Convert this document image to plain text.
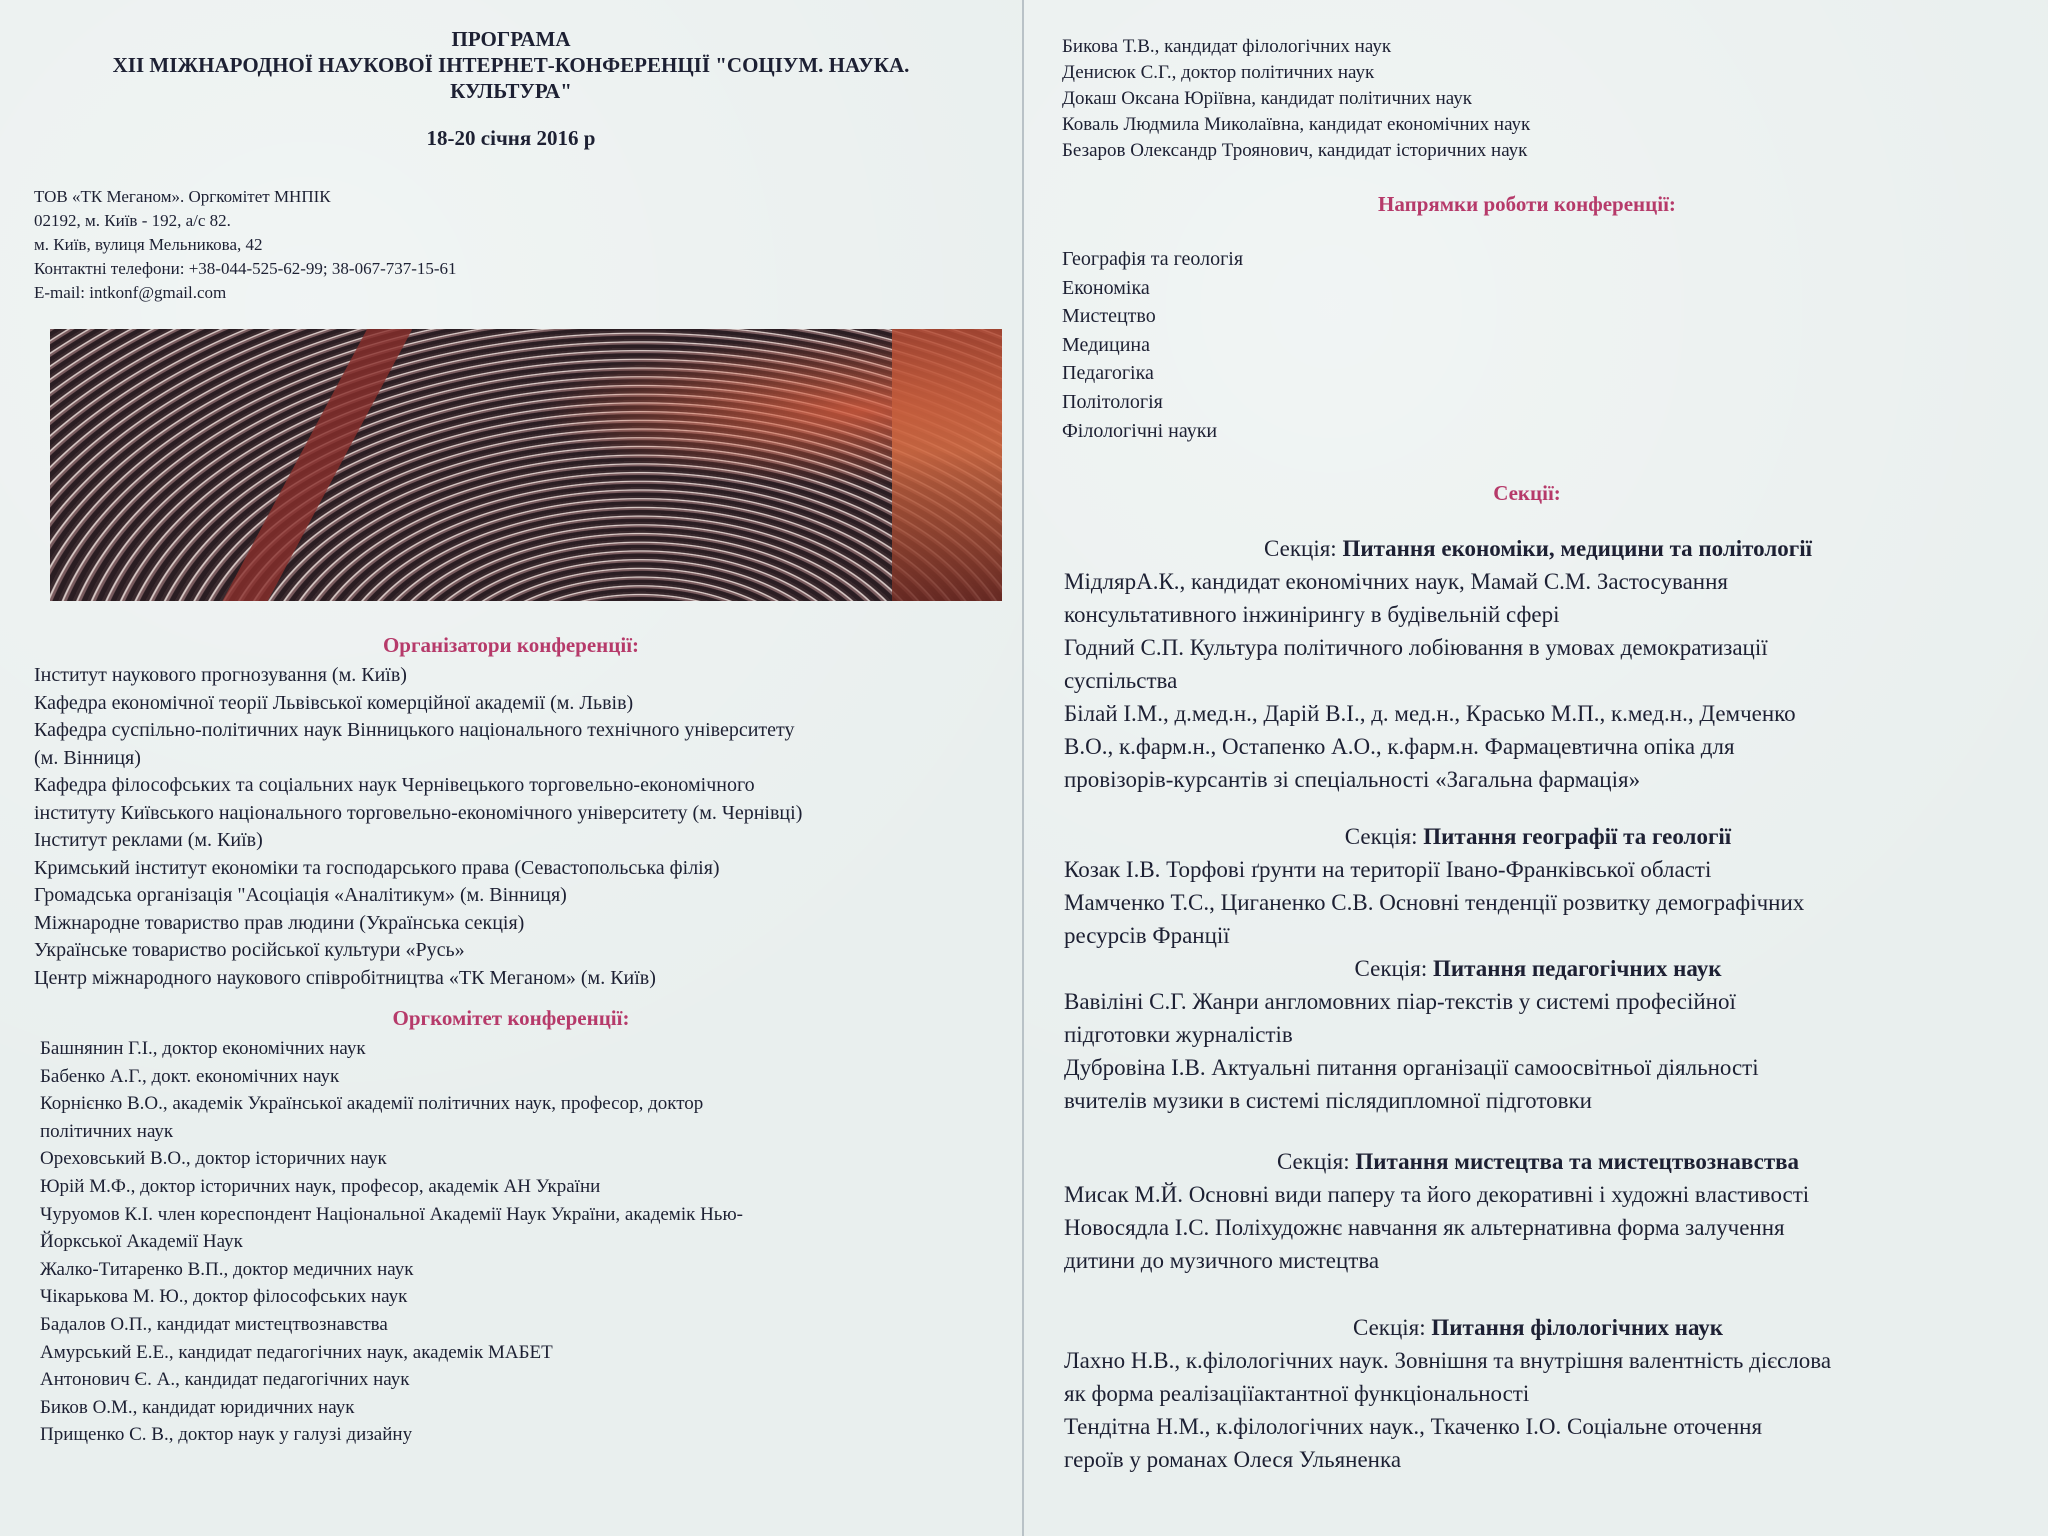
ПРОГРАМА
XII МІЖНАРОДНОЇ НАУКОВОЇ ІНТЕРНЕТ-КОНФЕРЕНЦІЇ "СОЦІУМ. НАУКА.
КУЛЬТУРА"
18-20 січня 2016 р
ТОВ «ТК Меганом». Оргкомітет МНПІК
02192, м. Київ - 192, а/с 82.
м. Київ, вулиця Мельникова, 42
Контактні телефони: +38-044-525-62-99; 38-067-737-15-61
E-mail: intkonf@gmail.com
Організатори конференції:
Інститут наукового прогнозування (м. Київ)
Кафедра економічної теорії Львівської комерційної академії (м. Львів)
Кафедра суспільно-політичних наук Вінницького національного технічного університету
(м. Вінниця)
Кафедра філософських та соціальних наук Чернівецького торговельно-економічного
інституту Київського національного торговельно-економічного університету (м. Чернівці)
Інститут реклами (м. Київ)
Кримський інститут економіки та господарського права (Севастопольська філія)
Громадська організація "Асоціація «Аналітикум» (м. Вінниця)
Міжнародне товариство прав людини (Українська секція)
Українське товариство російської культури «Русь»
Центр міжнародного наукового співробітництва «ТК Меганом» (м. Київ)
Оргкомітет конференції:
Башнянин Г.І., доктор економічних наук
Бабенко А.Г., докт. економічних наук
Корнієнко В.О., академік Української академії політичних наук, професор, доктор
політичних наук
Ореховський В.О., доктор історичних наук
Юрій М.Ф., доктор історичних наук, професор, академік АН України
Чуруомов К.І. член кореспондент Національної Академії Наук України, академік Нью-
Йоркської Академії Наук
Жалко-Титаренко В.П., доктор медичних наук
Чікарькова М. Ю., доктор філософських наук
Бадалов О.П., кандидат мистецтвознавства
Амурський Е.Е., кандидат педагогічних наук, академік МАБЕТ
Антонович Є. А., кандидат педагогічних наук
Биков О.М., кандидат юридичних наук
Прищенко С. В., доктор наук у галузі дизайну
Бикова Т.В., кандидат філологічних наук
Денисюк С.Г., доктор політичних наук
Докаш Оксана Юріївна, кандидат політичних наук
Коваль Людмила Миколаївна, кандидат економічних наук
Безаров Олександр Троянович, кандидат історичних наук
Напрямки роботи конференції:
Географія та геологія
Економіка
Мистецтво
Медицина
Педагогіка
Політологія
Філологічні науки
Секції:
Секція: Питання економіки, медицини та політології
МідлярА.К., кандидат економічних наук, Мамай С.М. Застосування
консультативного інжинірингу в будівельній сфері
Годний С.П. Культура політичного лобіювання в умовах демократизації
суспільства
Білай І.М., д.мед.н., Дарій В.І., д. мед.н., Красько М.П., к.мед.н., Демченко
В.О., к.фарм.н., Остапенко А.О., к.фарм.н. Фармацевтична опіка для
провізорів-курсантів зі спеціальності «Загальна фармація»
Секція: Питання географії та геології
Козак І.В. Торфові ґрунти на території Івано-Франківської області
Мамченко Т.С., Циганенко С.В. Основні тенденції розвитку демографічних
ресурсів Франції
Секція: Питання педагогічних наук
Вавіліні С.Г. Жанри англомовних піар-текстів у системі професійної
підготовки журналістів
Дубровіна І.В. Актуальні питання організації самоосвітньої діяльності
вчителів музики в системі післядипломної підготовки
Секція: Питання мистецтва та мистецтвознавства
Мисак М.Й. Основні види паперу та його декоративні і художні властивості
Новосядла І.С. Поліхудожнє навчання як альтернативна форма залучення
дитини до музичного мистецтва
Секція: Питання філологічних наук
Лахно Н.В., к.філологічних наук. Зовнішня та внутрішня валентність дієслова
як форма реалізаціїактантної функціональності
Тендітна Н.М., к.філологічних наук., Ткаченко І.О. Соціальне оточення
героїв у романах Олеся Ульяненка
